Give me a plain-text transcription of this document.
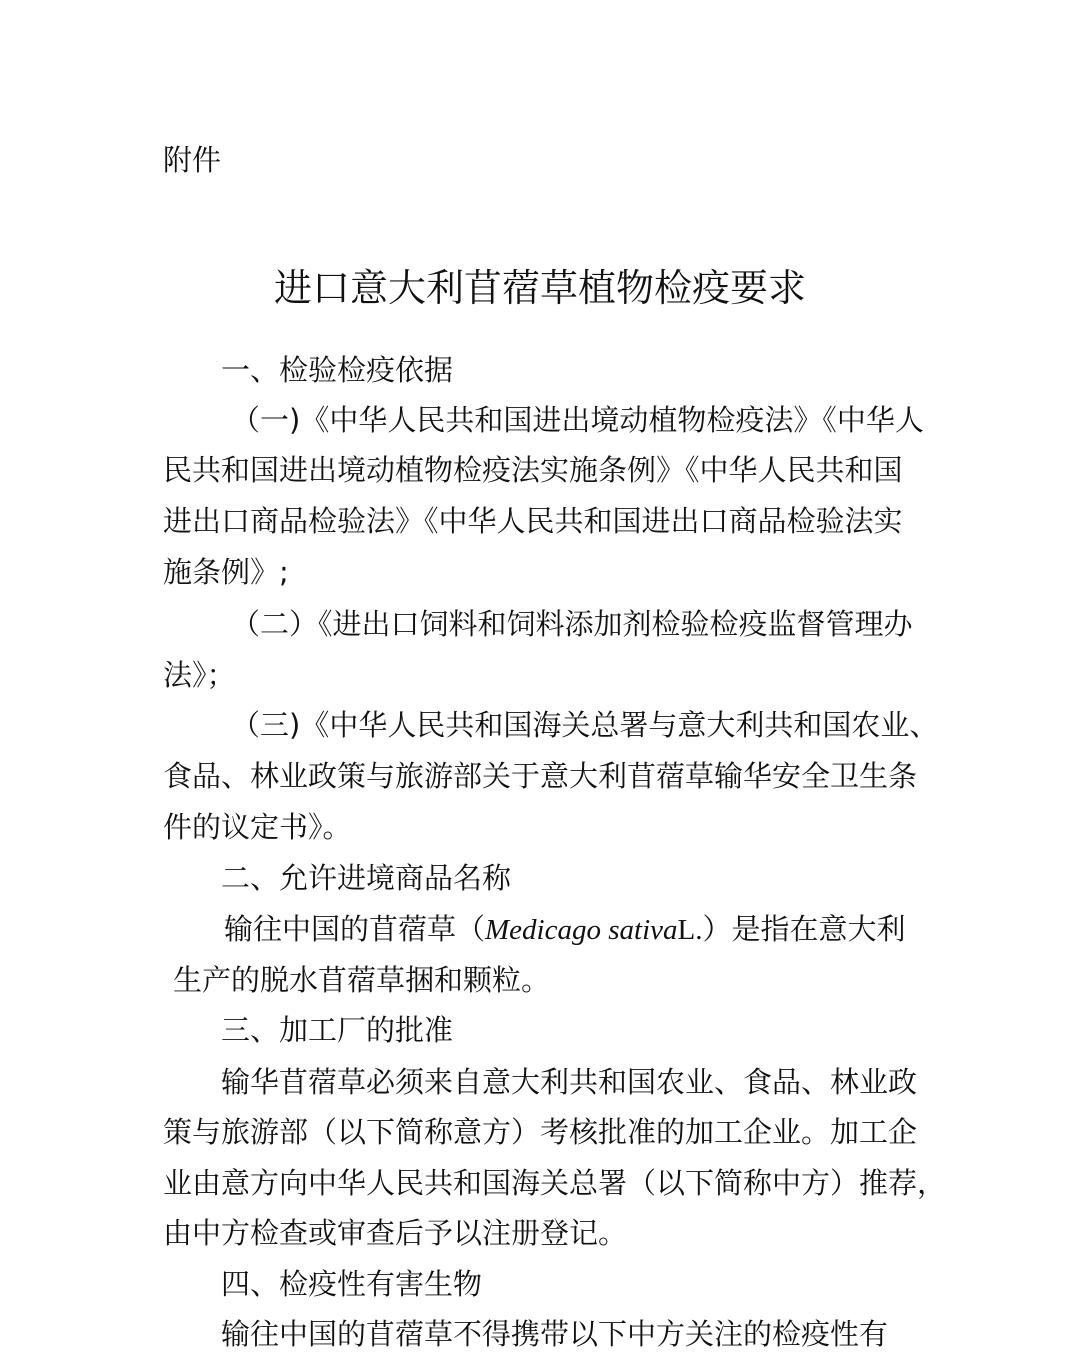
附件
进口意大利苜蓿草植物检疫要求
一、检验检疫依据
（一)《中华人民共和国进出境动植物检疫法》《中华人
民共和国进出境动植物检疫法实施条例》《中华人民共和国
进出口商品检验法》《中华人民共和国进出口商品检验法实
施条例》;
（二）《进出口饲料和饲料添加剂检验检疫监督管理办
法》；
（三)《中华人民共和国海关总署与意大利共和国农业、
食品、林业政策与旅游部关于意大利苜蓿草输华安全卫生条
件的议定书》。
二、允许进境商品名称
输往中国的苜蓿草（Medicago sativaL.）是指在意大利
生产的脱水苜蓿草捆和颗粒。
三、加工厂的批准
输华苜蓿草必须来自意大利共和国农业、食品、林业政
策与旅游部（以下简称意方）考核批准的加工企业。加工企
业由意方向中华人民共和国海关总署（以下简称中方）推荐，
由中方检查或审查后予以注册登记。
四、检疫性有害生物
输往中国的苜蓿草不得携带以下中方关注的检疫性有
